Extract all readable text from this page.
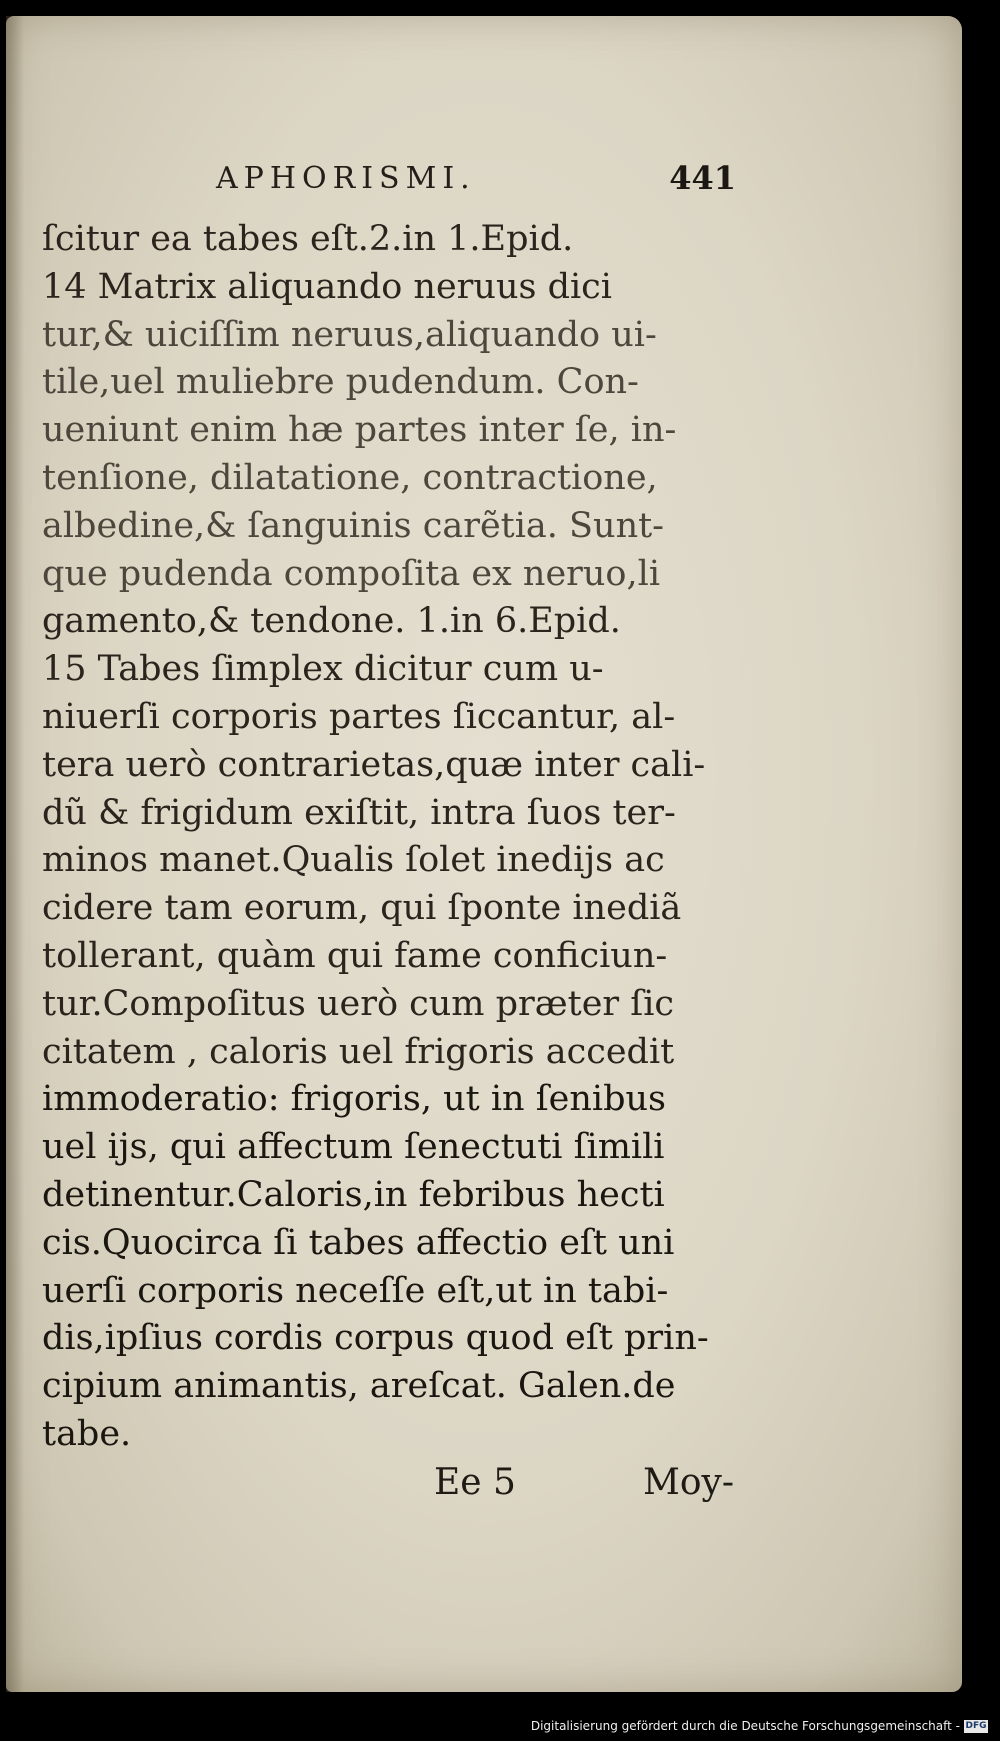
APHORISMI.	441
ſcitur ea tabes eſt.2.in 1.Epid.
14 Matrix aliquando neruus dici
tur,& uiciſſim neruus,aliquando ui-
tile,uel muliebre pudendum. Con-
ueniunt enim hæ partes inter ſe, in-
tenſione, dilatatione, contractione,
albedine,& ſanguinis carẽtia. Sunt-
que pudenda compoſita ex neruo,li
gamento,& tendone. 1.in 6.Epid.
15 Tabes ſimplex dicitur cum u-
niuerſi corporis partes ſiccantur, al-
tera uerò contrarietas,quæ inter cali-
dũ & frigidum exiſtit, intra ſuos ter-
minos manet.Qualis ſolet inedijs ac
cidere tam eorum, qui ſponte inediã
tollerant, quàm qui fame conficiun-
tur.Compoſitus uerò cum præter ſic
citatem , caloris uel frigoris accedit
immoderatio: frigoris, ut in ſenibus
uel ijs, qui affectum ſenectuti ſimili
detinentur.Caloris,in febribus hecti
cis.Quocirca ſi tabes affectio eſt uni
uerſi corporis neceſſe eſt,ut in tabi-
dis,ipſius cordis corpus quod eſt prin-
cipium animantis, areſcat. Galen.de
tabe.
Ee 5	Moy-
Digitalisierung gefördert durch die Deutsche Forschungsgemeinschaft - DFG
